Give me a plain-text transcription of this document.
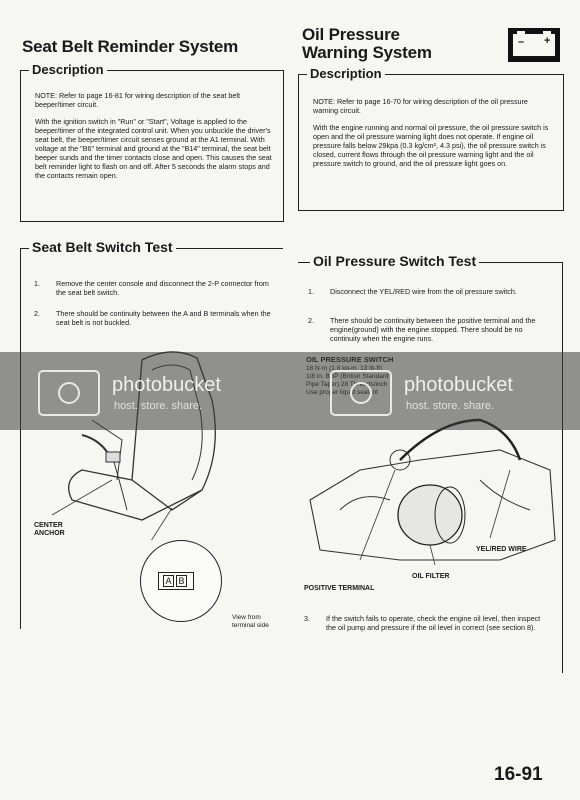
Seat Belt Reminder System
Description

NOTE: Refer to page 16-81 for wiring description of the seat belt beeper/timer circuit.

With the ignition switch in "Run" or "Start", Voltage is applied to the beeper/timer of the integrated control unit. When you unbuckle the driver's seat belt, the beeper/timer circuit senses ground at the A1 terminal. With voltage at the "B6" terminal and ground at the "B14" terminal, the seat belt beeper sunds and the timer contacts close and open. This causes the seat belt reminder light to flash on and off. After 5 seconds the alarm stops and the contacts remain open.

Seat Belt Switch Test
1.	Remove the center console and disconnect the 2-P connector from the seat belt switch.
2.	There should be continuity between the A and B terminals when the seat belt is not buckled.
CENTER
ANCHOR
A B
View from
terminal side
Oil Pressure
Warning System
– +
Description

NOTE: Refer to page 16-70 for wiring description of the oil pressure warning circuit.

With the engine running and normal oil pressure, the oil pressure switch is open and the oil pressure warning light does not operate. If engine oil pressure falls below 29kpa (0.3 kg/cm², 4.3 psi), the oil pressure switch is closed, current flows through the oil pressure warning light and the oil pressure switch to ground, and the oil pressure light goes on.

Oil Pressure Switch Test
1.	Disconnect the YEL/RED wire from the oil pressure switch.
2.	There should be continuity between the positive terminal and the engine(ground) with the engine stopped. There should be no continuity when the engine runs.
YEL/RED WIRE
OIL FILTER
POSITIVE TERMINAL
3.	If the switch fails to operate, check the engine oil level, then inspect the oil pump and pressure if the oil level in correct (see section 8).
photobucket
host. store. share.
photobucket
host. store. share.
16-91
